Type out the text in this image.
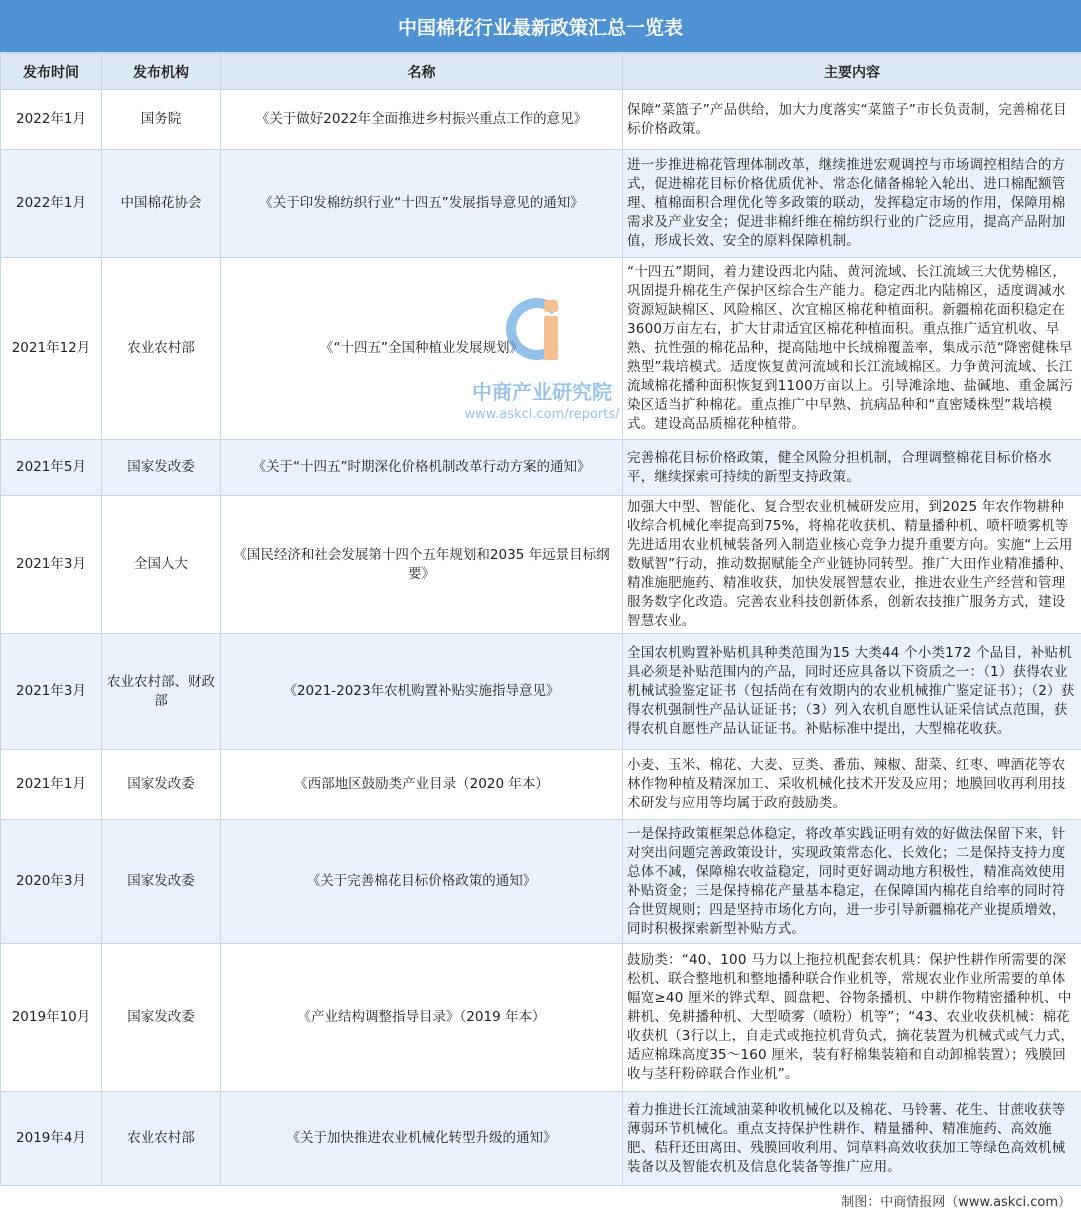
中国棉花行业最新政策汇总一览表
发布时间	发布机构	名称	主要内容
2022年1月	国务院	《关于做好2022年全面推进乡村振兴重点工作的意见》	保障“菜篮子”产品供给，加大力度落实“菜篮子”市长负责制，完善棉花目标价格政策。
2022年1月	中国棉花协会	《关于印发棉纺织行业“十四五”发展指导意见的通知》	进一步推进棉花管理体制改革，继续推进宏观调控与市场调控相结合的方式，促进棉花目标价格优质优补、常态化储备棉轮入轮出、进口棉配额管理、植棉面积合理优化等多政策的联动，发挥稳定市场的作用，保障用棉需求及产业安全；促进非棉纤维在棉纺织行业的广泛应用，提高产品附加值，形成长效、安全的原料保障机制。
2021年12月	农业农村部	《“十四五”全国种植业发展规划》	“十四五”期间，着力建设西北内陆、黄河流域、长江流域三大优势棉区，巩固提升棉花生产保护区综合生产能力。稳定西北内陆棉区，适度调减水资源短缺棉区、风险棉区、次宜棉区棉花种植面积。新疆棉花面积稳定在3600万亩左右，扩大甘肃适宜区棉花种植面积。重点推广适宜机收、早熟、抗性强的棉花品种，提高陆地中长绒棉覆盖率，集成示范“降密健株早熟型”栽培模式。适度恢复黄河流域和长江流域棉区。力争黄河流域、长江流域棉花播种面积恢复到1100万亩以上。引导滩涂地、盐碱地、重金属污染区适当扩种棉花。重点推广中早熟、抗病品种和“直密矮株型”栽培模式。建设高品质棉花种植带。
2021年5月	国家发改委	《关于“十四五”时期深化价格机制改革行动方案的通知》	完善棉花目标价格政策，健全风险分担机制，合理调整棉花目标价格水平，继续探索可持续的新型支持政策。
2021年3月	全国人大	《国民经济和社会发展第十四个五年规划和2035 年远景目标纲要》	加强大中型、智能化、复合型农业机械研发应用，到2025 年农作物耕种收综合机械化率提高到75%，将棉花收获机、精量播种机、喷杆喷雾机等先进适用农业机械装备列入制造业核心竞争力提升重要方向。实施“上云用数赋智”行动，推动数据赋能全产业链协同转型。推广大田作业精准播种、精准施肥施药、精准收获，加快发展智慧农业，推进农业生产经营和管理服务数字化改造。完善农业科技创新体系，创新农技推广服务方式，建设智慧农业。
2021年3月	农业农村部、财政部	《2021-2023年农机购置补贴实施指导意见》	全国农机购置补贴机具种类范围为15 大类44 个小类172 个品目，补贴机具必须是补贴范围内的产品，同时还应具备以下资质之一：（1）获得农业机械试验鉴定证书（包括尚在有效期内的农业机械推广鉴定证书）；（2）获得农机强制性产品认证证书；（3）列入农机自愿性认证采信试点范围，获得农机自愿性产品认证证书。补贴标准中提出，大型棉花收获。
2021年1月	国家发改委	《西部地区鼓励类产业目录（2020 年本）	小麦、玉米、棉花、大麦、豆类、番茄、辣椒、甜菜、红枣、啤酒花等农林作物种植及精深加工、采收机械化技术开发及应用；地膜回收再利用技术研发与应用等均属于政府鼓励类。
2020年3月	国家发改委	《关于完善棉花目标价格政策的通知》	一是保持政策框架总体稳定，将改革实践证明有效的好做法保留下来，针对突出问题完善政策设计，实现政策常态化、长效化；二是保持支持力度总体不减，保障棉农收益稳定，同时更好调动地方积极性，精准高效使用补贴资金；三是保持棉花产量基本稳定，在保障国内棉花自给率的同时符合世贸规则；四是坚持市场化方向，进一步引导新疆棉花产业提质增效，同时积极探索新型补贴方式。
2019年10月	国家发改委	《产业结构调整指导目录》（2019 年本）	鼓励类：“40、100 马力以上拖拉机配套农机具：保护性耕作所需要的深松机、联合整地机和整地播种联合作业机等，常规农业作业所需要的单体幅宽≥40 厘米的铧式犁、圆盘耙、谷物条播机、中耕作物精密播种机、中耕机、免耕播种机、大型喷雾（喷粉）机等”；“43、农业收获机械：棉花收获机（3行以上，自走式或拖拉机背负式，摘花装置为机械式或气力式，适应棉珠高度35～160 厘米，装有籽棉集装箱和自动卸棉装置）；残膜回收与茎秆粉碎联合作业机”。
2019年4月	农业农村部	《关于加快推进农业机械化转型升级的通知》	着力推进长江流域油菜种收机械化以及棉花、马铃薯、花生、甘蔗收获等薄弱环节机械化。重点支持保护性耕作、精量播种、精准施药、高效施肥、秸秆还田离田、残膜回收利用、饲草料高效收获加工等绿色高效机械装备以及智能农机及信息化装备等推广应用。
制图：中商情报网（www.askci.com）
中商产业研究院
www.askci.com/reports/
